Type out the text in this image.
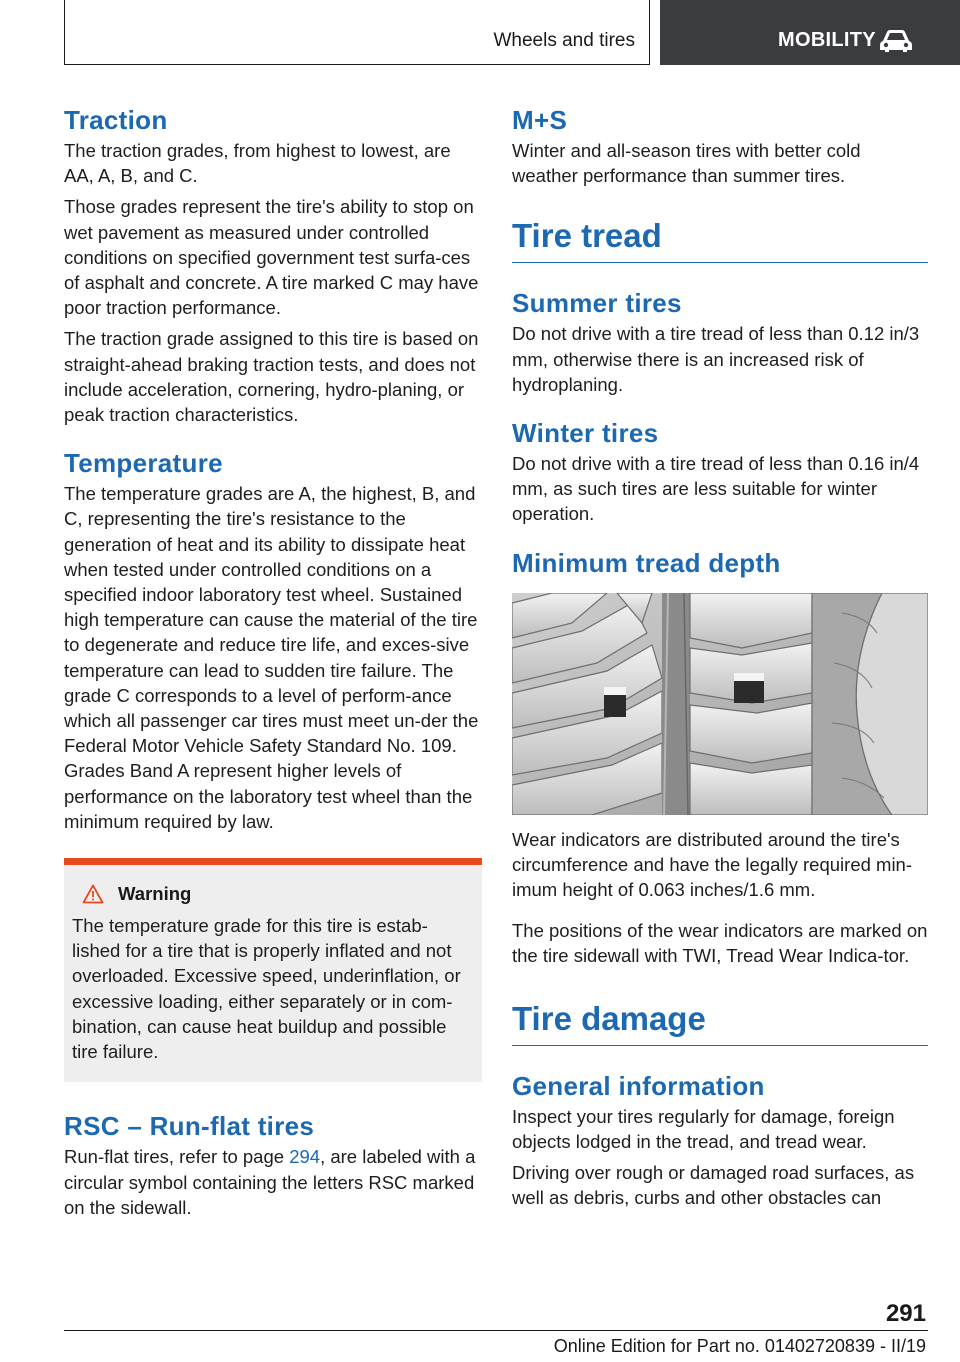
Wheels and tires	MOBILITY
Traction

The traction grades, from highest to lowest, are AA, A, B, and C.

Those grades represent the tire's ability to stop on wet pavement as measured under controlled conditions on specified government test surfa‐ces of asphalt and concrete. A tire marked C may have poor traction performance.

The traction grade assigned to this tire is based on straight-ahead braking traction tests, and does not include acceleration, cornering, hydro‐planing, or peak traction characteristics.

Temperature

The temperature grades are A, the highest, B, and C, representing the tire's resistance to the generation of heat and its ability to dissipate heat when tested under controlled conditions on a specified indoor laboratory test wheel. Sustained high temperature can cause the material of the tire to degenerate and reduce tire life, and exces‐sive temperature can lead to sudden tire failure. The grade C corresponds to a level of perform‐ance which all passenger car tires must meet un‐der the Federal Motor Vehicle Safety Standard No. 109. Grades Band A represent higher levels of performance on the laboratory test wheel than the minimum required by law.

Warning

The temperature grade for this tire is estab‐lished for a tire that is properly inflated and not overloaded. Excessive speed, underinflation, or excessive loading, either separately or in com‐bination, can cause heat buildup and possible tire failure.

RSC – Run‐flat tires

Run-flat tires, refer to page 294, are labeled with a circular symbol containing the letters RSC marked on the sidewall.

M+S

Winter and all-season tires with better cold weather performance than summer tires.

Tire tread
Summer tires

Do not drive with a tire tread of less than 0.12 in/3 mm, otherwise there is an increased risk of hydroplaning.

Winter tires

Do not drive with a tire tread of less than 0.16 in/4 mm, as such tires are less suitable for winter operation.

Minimum tread depth

Wear indicators are distributed around the tire's circumference and have the legally required min‐imum height of 0.063 inches/1.6 mm.

The positions of the wear indicators are marked on the tire sidewall with TWI, Tread Wear Indica‐tor.

Tire damage
General information

Inspect your tires regularly for damage, foreign objects lodged in the tread, and tread wear.

Driving over rough or damaged road surfaces, as well as debris, curbs and other obstacles can

291
Online Edition for Part no. 01402720839 - II/19
